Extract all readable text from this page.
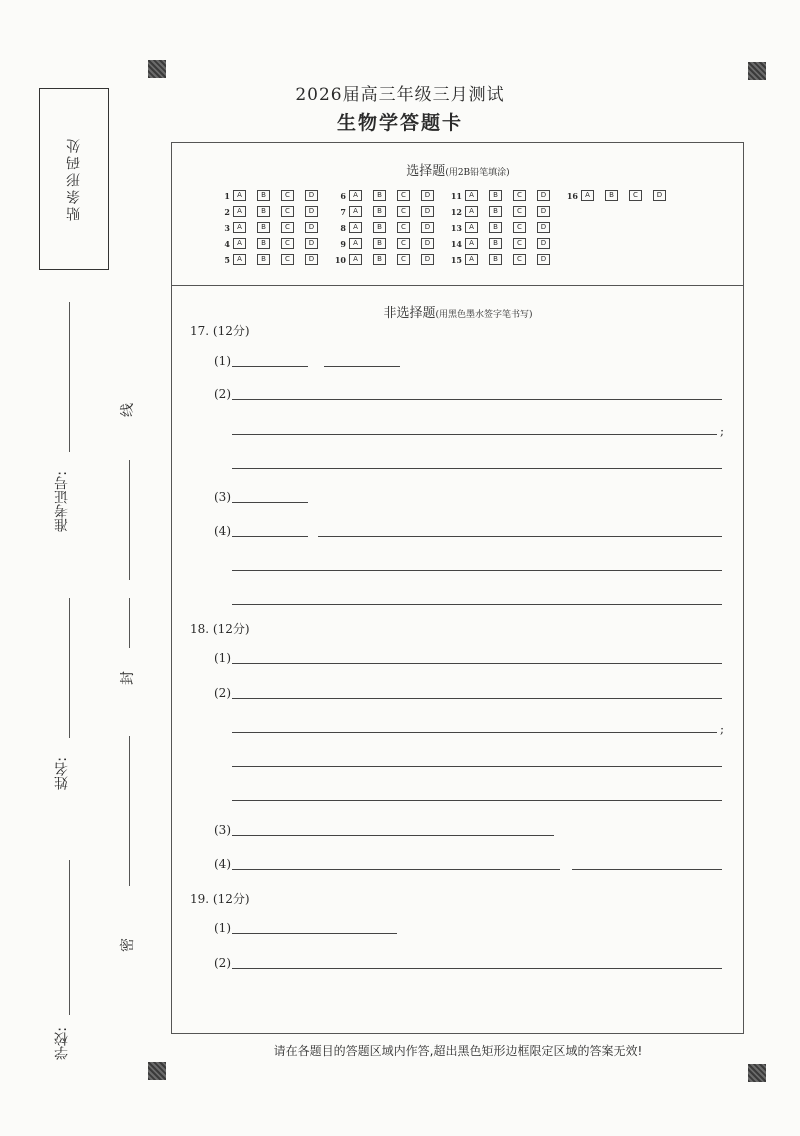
2026届高三年级三月测试
生物学答题卡
贴条形码处
准考证号:
姓名:
学校:
线
封
密
选择题(用2B铅笔填涂)
1	A	B	C	D
2	A	B	C	D
3	A	B	C	D
4	A	B	C	D
5	A	B	C	D
6	A	B	C	D
7	A	B	C	D
8	A	B	C	D
9	A	B	C	D
10	A	B	C	D
11	A	B	C	D
12	A	B	C	D
13	A	B	C	D
14	A	B	C	D
15	A	B	C	D
16	A	B	C	D
非选择题(用黑色墨水签字笔书写)
17. (12分)
(1)
(2)
;
(3)
(4)
18. (12分)
(1)
(2)
;
(3)
(4)
19. (12分)
(1)
(2)
请在各题目的答题区域内作答,超出黑色矩形边框限定区域的答案无效!
